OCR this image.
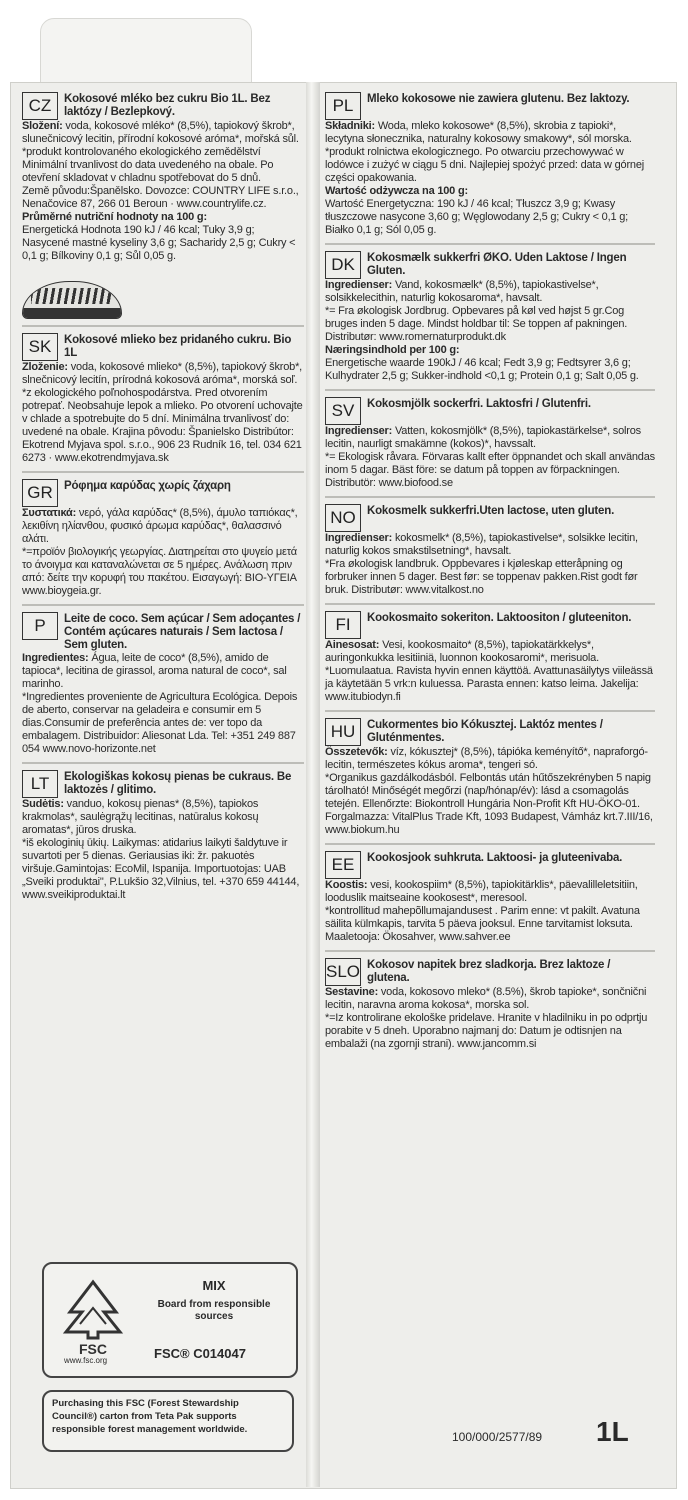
CZ	Kokosové mléko bez cukru Bio 1L. Bez laktózy / Bezlepkový.
Složení: voda, kokosové mléko* (8,5%), tapiokový škrob*, slunečnicový lecitin, přírodní kokosové aróma*, mořská sůl.
*produkt kontrolovaného ekologického zemědělství
Minimální trvanlivost do data uvedeného na obale. Po otevření skladovat v chladnu spotřebovat do 5 dnů.
Země původu:Španělsko. Dovozce: COUNTRY LIFE s.r.o., Nenačovice 87, 266 01 Beroun · www.countrylife.cz.
Průměrné nutriční hodnoty na 100 g:
Energetická Hodnota 190 kJ / 46 kcal; Tuky 3,9 g; Nasycené mastné kyseliny 3,6 g; Sacharidy 2,5 g; Cukry < 0,1 g; Bílkoviny 0,1 g; Sůl 0,05 g.
SK	Kokosové mlieko bez pridaného cukru. Bio 1L
Zloženie: voda, kokosové mlieko* (8,5%), tapiokový škrob*, slnečnicový lecitín, prírodná kokosová aróma*, morská soľ.
*z ekologického poľnohospodárstva. Pred otvorením potrepať. Neobsahuje lepok a mlieko. Po otvorení uchovajte v chlade a spotrebujte do 5 dní. Minimálna trvanlivosť do: uvedené na obale. Krajina pôvodu: Španielsko Distribútor: Ekotrend Myjava spol. s.r.o., 906 23 Rudník 16, tel. 034 621 6273 · www.ekotrendmyjava.sk
GR Ρόφημα καρύδας χωρίς ζάχαρη
Συστατικά: νερό, γάλα καρύδας* (8,5%), άμυλο ταπιόκας*, λεκιθίνη ηλίανθου, φυσικό άρωμα καρύδας*, θαλασσινό αλάτι.
*=προϊόν βιολογικής γεωργίας. Διατηρείται στο ψυγείο μετά το άνοιγμα και καταναλώνεται σε 5 ημέρες. Ανάλωση πριν από: δείτε την κορυφή του πακέτου. Εισαγωγή: BIO-ΥΓΕΙΑ www.bioygeia.gr.
P	Leite de coco. Sem açúcar / Sem adoçantes / Contém açúcares naturais / Sem lactosa / Sem gluten.
Ingredientes: Água, leite de coco* (8,5%), amido de tapioca*, lecitina de girassol, aroma natural de coco*, sal marinho.
*Ingredientes proveniente de Agricultura Ecológica. Depois de aberto, conservar na geladeira e consumir em 5 dias.Consumir de preferência antes de: ver topo da embalagem. Distribuidor: Aliesonat Lda. Tel: +351 249 887 054 www.novo-horizonte.net
LT	Ekologiškas kokosų pienas be cukraus. Be laktozės / glitimo.
Sudėtis: vanduo, kokosų pienas* (8,5%), tapiokos krakmolas*, saulėgrąžų lecitinas, natūralus kokosų aromatas*, jūros druska.
*iš ekologinių ūkių. Laikymas: atidarius laikyti šaldytuve ir suvartoti per 5 dienas. Geriausias iki: žr. pakuotės viršuje.Gamintojas: EcoMil, Ispanija. Importuotojas: UAB „Sveiki produktai", P.Lukšio 32,Vilnius, tel. +370 659 44144, www.sveikiproduktai.lt
PL	Mleko kokosowe nie zawiera glutenu. Bez laktozy.
Składniki: Woda, mleko kokosowe* (8,5%), skrobia z tapioki*, lecytyna słonecznika, naturalny kokosowy smakowy*, sól morska.
*produkt rolnictwa ekologicznego. Po otwarciu przechowywać w lodówce i zużyć w ciągu 5 dni. Najlepiej spożyć przed: data w górnej części opakowania.
Wartość odżywcza na 100 g:
Wartość Energetyczna: 190 kJ / 46 kcal; Tłuszcz 3,9 g; Kwasy tłuszczowe nasycone 3,60 g; Węglowodany 2,5 g; Cukry < 0,1 g; Białko 0,1 g; Sól 0,05 g.
DK	Kokosmælk sukkerfri ØKO. Uden Laktose / Ingen Gluten.
Ingredienser: Vand, kokosmælk* (8,5%), tapiokastivelse*, solsikkelecithin, naturlig kokosaroma*, havsalt.
*= Fra økologisk Jordbrug. Opbevares på køl ved højst 5 gr.Cog bruges inden 5 dage. Mindst holdbar til: Se toppen af pakningen. Distributør: www.romernaturprodukt.dk
Næringsindhold per 100 g:
Energetische waarde 190kJ / 46 kcal; Fedt 3,9 g; Fedtsyrer 3,6 g; Kulhydrater 2,5 g; Sukker-indhold <0,1 g; Protein 0,1 g; Salt 0,05 g.
SV	Kokosmjölk sockerfri. Laktosfri / Glutenfri.
Ingredienser: Vatten, kokosmjölk* (8,5%), tapiokastärkelse*, solros lecitin, naurligt smakämne (kokos)*, havssalt.
*= Ekologisk råvara. Förvaras kallt efter öppnandet och skall användas inom 5 dagar. Bäst före: se datum på toppen av förpackningen. Distributör: www.biofood.se
NO Kokosmelk sukkerfri.Uten lactose, uten gluten.
Ingredienser: kokosmelk* (8,5%), tapiokastivelse*, solsikke lecitin, naturlig kokos smakstilsetning*, havsalt.
*Fra økologisk landbruk. Oppbevares i kjøleskap etteråpning og forbruker innen 5 dager. Best før: se toppenav pakken.Rist godt før bruk. Distributør: www.vitalkost.no
FI	Kookosmaito sokeriton. Laktoositon / gluteeniton.
Ainesosat: Vesi, kookosmaito* (8,5%), tapiokatärkkelys*, auringonkukka lesitiiniä, luonnon kookosaromi*, merisuola.
*Luomulaatua. Ravista hyvin ennen käyttöä. Avattunasäilytys viileässä ja käytetään 5 vrk:n kuluessa. Parasta ennen: katso leima. Jakelija: www.itubiodyn.fi
HU	Cukormentes bio Kókusztej. Laktóz mentes / Gluténmentes.
Összetevők: víz, kókusztej* (8,5%), tápióka keményítő*, napraforgó-lecitin, természetes kókus aroma*, tengeri só.
*Organikus gazdálkodásból. Felbontás után hűtőszekrényben 5 napig tárolható! Minőségét megőrzi (nap/hónap/év): lásd a csomagolás tetején. Ellenőrzte: Biokontroll Hungária Non-Profit Kft HU-ÖKO-01. Forgalmazza: VitalPlus Trade Kft, 1093 Budapest, Vámház krt.7.III/16, www.biokum.hu
EE	Kookosjook suhkruta. Laktoosi- ja gluteenivaba.
Koostis: vesi, kookospiim* (8,5%), tapiokitärklis*, päevalilleletsitiin, looduslik maitseaine kookosest*, meresool.
*kontrollitud mahepõllumajandusest . Parim enne: vt pakilt. Avatuna säilita külmkapis, tarvita 5 päeva jooksul. Enne tarvitamist loksuta. Maaletooja: Ökosahver, www.sahver.ee
SLO Kokosov napitek brez sladkorja. Brez laktoze / glutena.
Sestavine: voda, kokosovo mleko* (8.5%), škrob tapioke*, sončnični lecitin, naravna aroma kokosa*, morska sol.
*=Iz kontrolirane ekološke pridelave. Hranite v hladilniku in po odprtju porabite v 5 dneh. Uporabno najmanj do: Datum je odtisnjen na embalaži (na zgornji strani). www.jancomm.si
FSC
MIX
Board from responsible sources
FSC® C014047
www.fsc.org
Purchasing this FSC (Forest Stewardship Council®) carton from Teta Pak supports responsible forest management worldwide.
100/000/2577/89 1L
